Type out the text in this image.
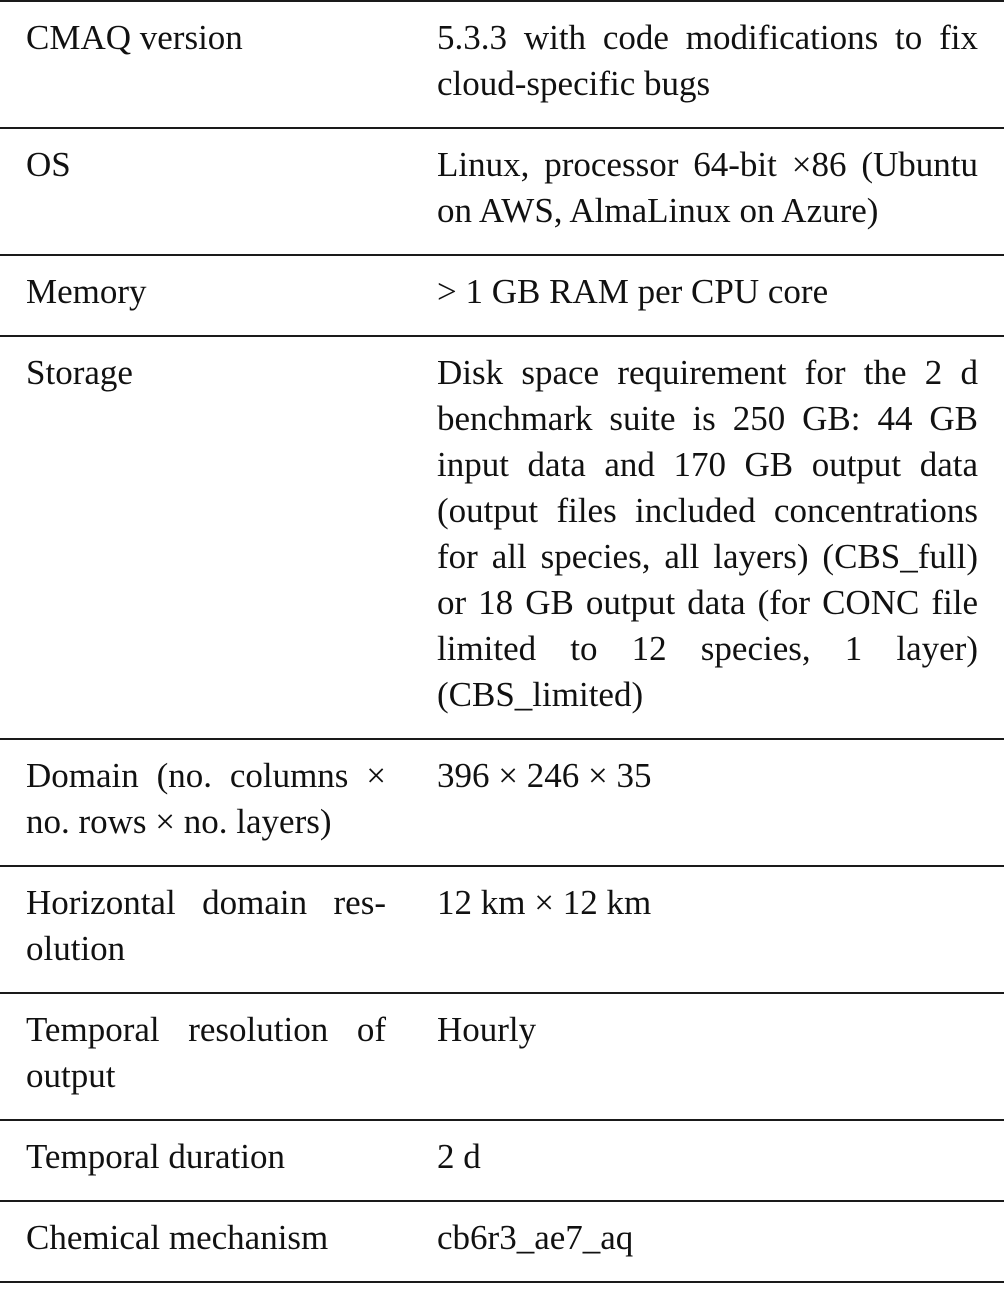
CMAQ version	5.3.3 with code modifications to fix cloud-specific bugs

OS	Linux, processor 64-bit ×86 (Ubuntu on AWS, AlmaLinux on Azure)

Memory	> 1 GB RAM per CPU core

Storage	Disk space requirement for the 2 d benchmark suite is 250 GB: 44 GB input data and 170 GB output data (output files included concentrations for all species, all layers) (CBS_full) or 18 GB output data (for CONC file limited to 12 species, 1 layer) (CBS_limited)

Domain (no. columns × no. rows × no. layers)	396 × 246 × 35

Horizontal domain resolution	12 km × 12 km

Temporal resolution of output	Hourly

Temporal duration	2 d

Chemical mechanism	cb6r3_ae7_aq
